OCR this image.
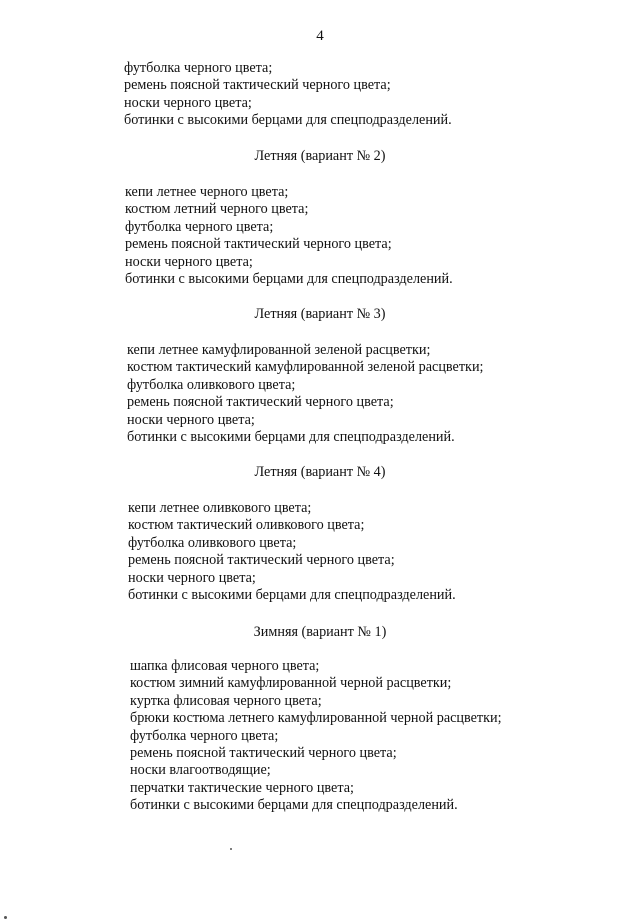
4
футболка черного цвета;
ремень поясной тактический черного цвета;
носки черного цвета;
ботинки с высокими берцами для спецподразделений.
Летняя (вариант № 2)
кепи летнее черного цвета;
костюм летний черного цвета;
футболка черного цвета;
ремень поясной тактический черного цвета;
носки черного цвета;
ботинки с высокими берцами для спецподразделений.
Летняя (вариант № 3)
кепи летнее камуфлированной зеленой расцветки;
костюм тактический камуфлированной зеленой расцветки;
футболка оливкового цвета;
ремень поясной тактический черного цвета;
носки черного цвета;
ботинки с высокими берцами для спецподразделений.
Летняя (вариант № 4)
кепи летнее оливкового цвета;
костюм тактический оливкового цвета;
футболка оливкового цвета;
ремень поясной тактический черного цвета;
носки черного цвета;
ботинки с высокими берцами для спецподразделений.
Зимняя (вариант № 1)
шапка флисовая черного цвета;
костюм зимний камуфлированной черной расцветки;
куртка флисовая черного цвета;
брюки костюма летнего камуфлированной черной расцветки;
футболка черного цвета;
ремень поясной тактический черного цвета;
носки влагоотводящие;
перчатки тактические черного цвета;
ботинки с высокими берцами для спецподразделений.
